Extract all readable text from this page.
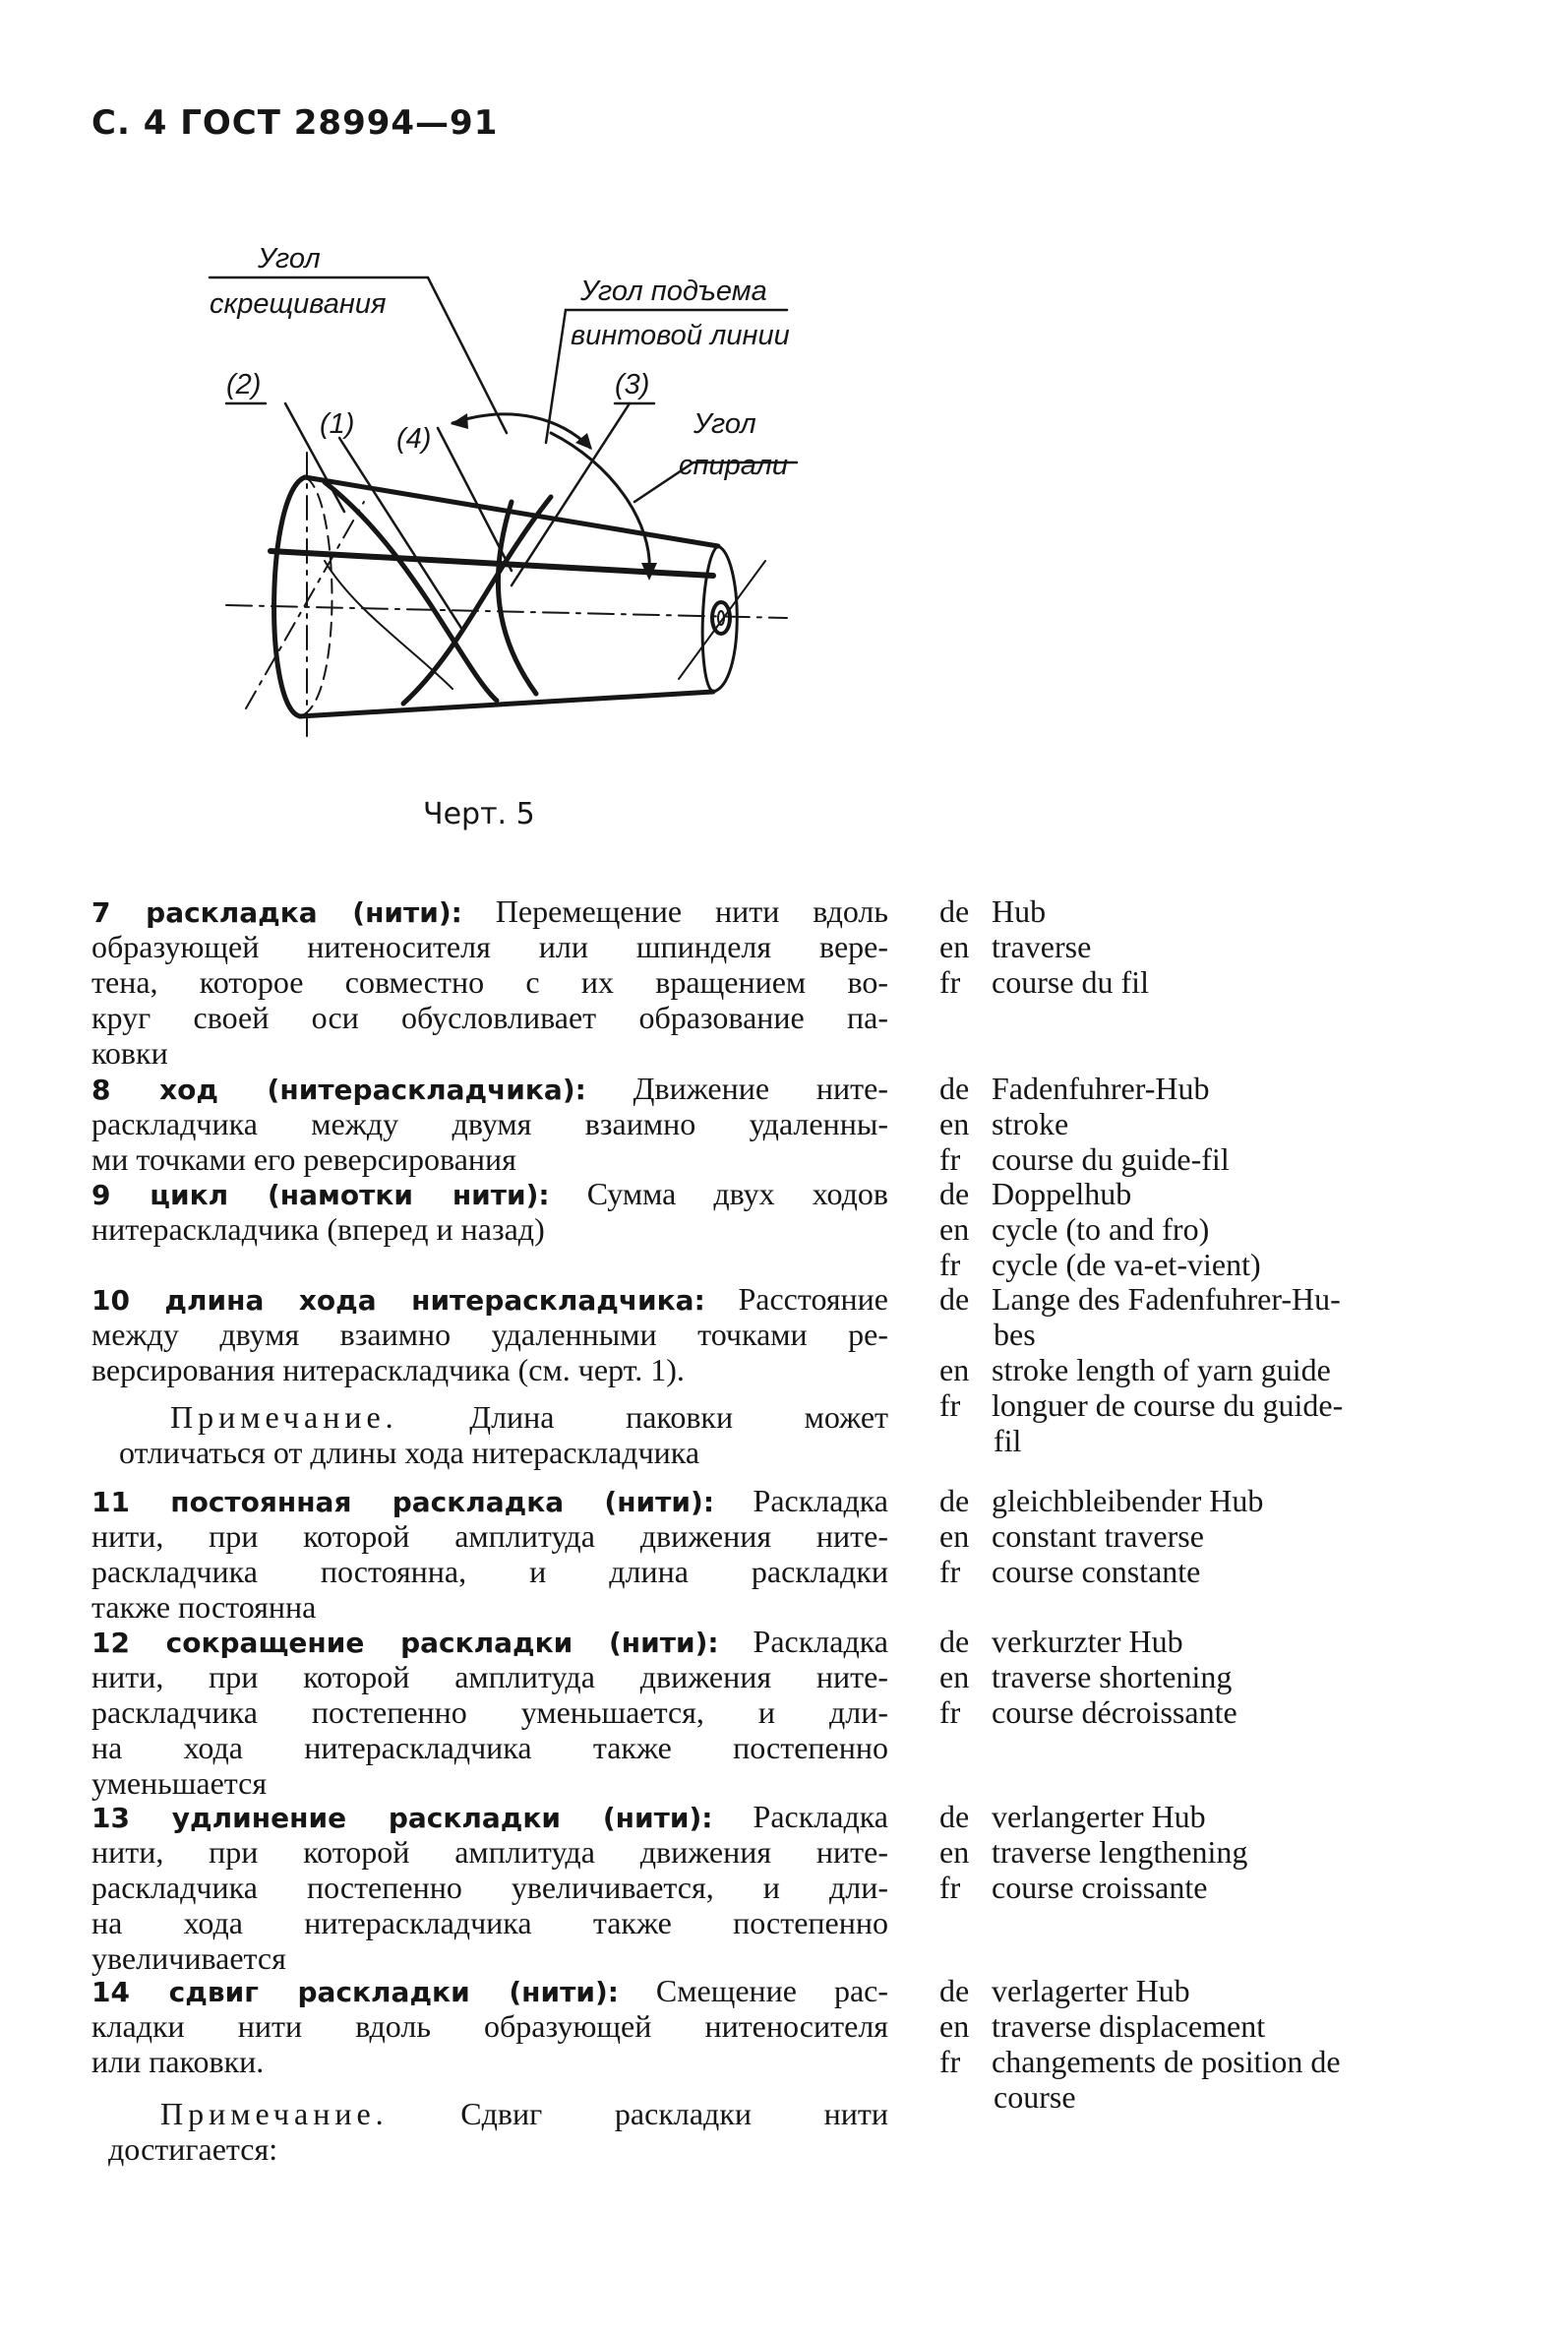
С. 4 ГОСТ 28994—91
Угол
скрещивания	Угол подъема
винтовой линии
Угол
спирали
(1)
(2)	(3)
(4)
Черт. 5
7 раскладка (нити): Перемещение нити вдоль
образующей нитеносителя или шпинделя вере-
тена, которое совместно с их вращением во-
круг своей оси обусловливает образование па-
ковки
de Hub
en traverse
fr course du fil
8 ход (нитераскладчика): Движение ните-
раскладчика между двумя взаимно удаленны-
ми точками его реверсирования
de Fadenfuhrer-Hub
en stroke
fr course du guide-fil
9 цикл (намотки нити): Сумма двух ходов
нитераскладчика (вперед и назад)
de Doppelhub
en cycle (to and fro)
fr cycle (de va-et-vient)
10 длина хода нитераскладчика: Расстояние
между двумя взаимно удаленными точками ре-
версирования нитераскладчика (см. черт. 1).
de Lange des Fadenfuhrer-Hu-
bes
en stroke length of yarn guide
fr longuer de course du guide-
fil
Примечание. Длина паковки может
отличаться от длины хода нитераскладчика
11 постоянная раскладка (нити): Раскладка
нити, при которой амплитуда движения ните-
раскладчика постоянна, и длина раскладки
также постоянна
de gleichbleibender Hub
en constant traverse
fr course constante
12 сокращение раскладки (нити): Раскладка
нити, при которой амплитуда движения ните-
раскладчика постепенно уменьшается, и дли-
на хода нитераскладчика также постепенно
уменьшается
de verkurzter Hub
en traverse shortening
fr course décroissante
13 удлинение раскладки (нити): Раскладка
нити, при которой амплитуда движения ните-
раскладчика постепенно увеличивается, и дли-
на хода нитераскладчика также постепенно
увеличивается
de verlangerter Hub
en traverse lengthening
fr course croissante
14 сдвиг раскладки (нити): Смещение рас-
кладки нити вдоль образующей нитеносителя
или паковки.
de verlagerter Hub
en traverse displacement
fr changements de position de
course
Примечание. Сдвиг раскладки нити
достигается:
